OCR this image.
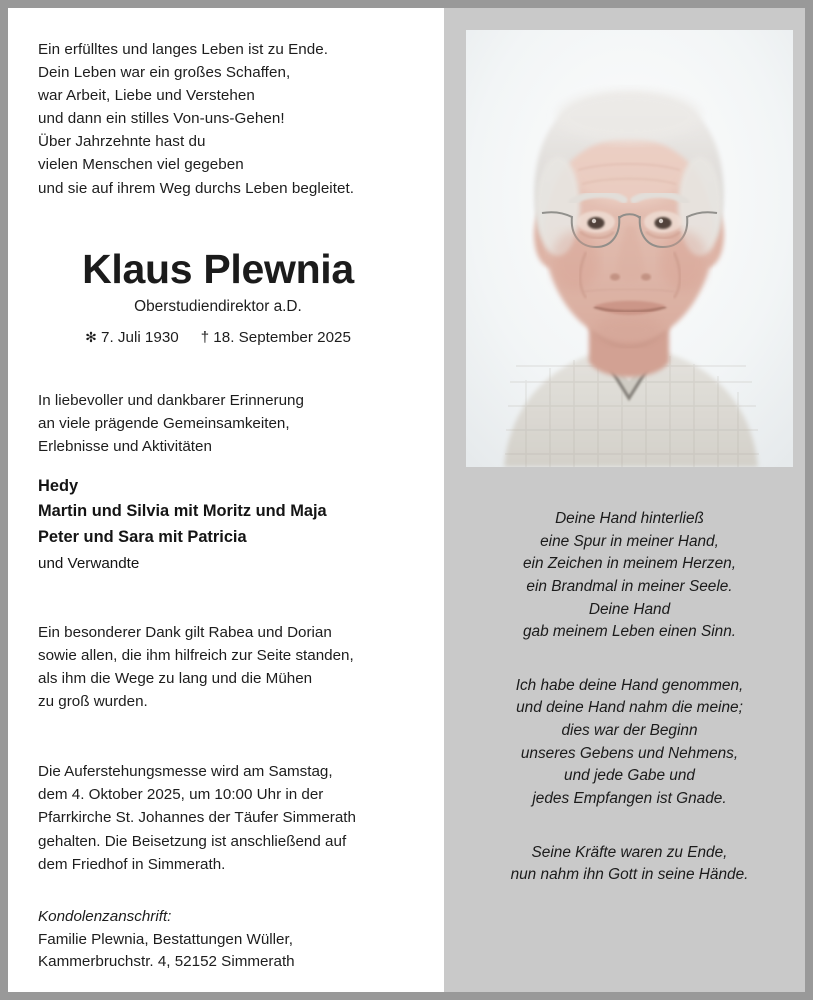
Ein erfülltes und langes Leben ist zu Ende.
Dein Leben war ein großes Schaffen,
war Arbeit, Liebe und Verstehen
und dann ein stilles Von-uns-Gehen!
Über Jahrzehnte hast du
vielen Menschen viel gegeben
und sie auf ihrem Weg durchs Leben begleitet.
Klaus Plewnia
Oberstudiendirektor a.D.
✻ 7. Juli 1930 † 18. September 2025
In liebevoller und dankbarer Erinnerung
an viele prägende Gemeinsamkeiten,
Erlebnisse und Aktivitäten
Hedy
Martin und Silvia mit Moritz und Maja
Peter und Sara mit Patricia
und Verwandte
Ein besonderer Dank gilt Rabea und Dorian
sowie allen, die ihm hilfreich zur Seite standen,
als ihm die Wege zu lang und die Mühen
zu groß wurden.
Die Auferstehungsmesse wird am Samstag,
dem 4. Oktober 2025, um 10:00 Uhr in der
Pfarrkirche St. Johannes der Täufer Simmerath
gehalten. Die Beisetzung ist anschließend auf
dem Friedhof in Simmerath.
Kondolenzanschrift:
Familie Plewnia, Bestattungen Wüller,
Kammerbruchstr. 4, 52152 Simmerath
Deine Hand hinterließ
eine Spur in meiner Hand,
ein Zeichen in meinem Herzen,
ein Brandmal in meiner Seele.
Deine Hand
gab meinem Leben einen Sinn.
Ich habe deine Hand genommen,
und deine Hand nahm die meine;
dies war der Beginn
unseres Gebens und Nehmens,
und jede Gabe und
jedes Empfangen ist Gnade.
Seine Kräfte waren zu Ende,
nun nahm ihn Gott in seine Hände.
